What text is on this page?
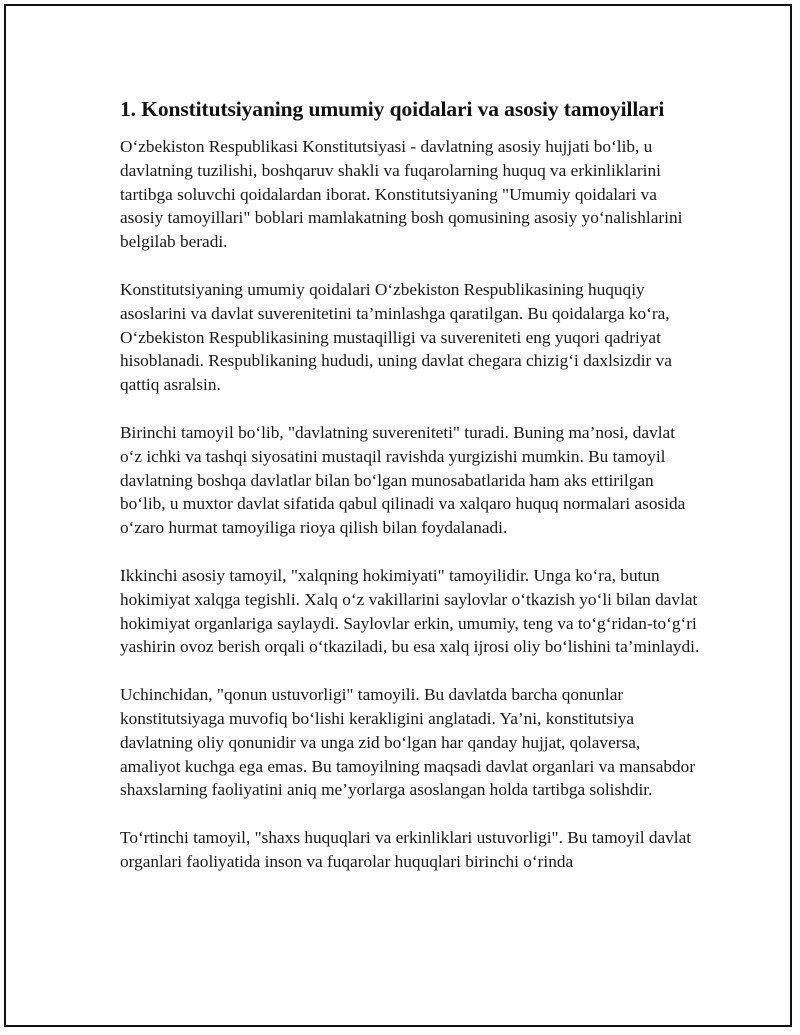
1. Konstitutsiyaning umumiy qoidalari va asosiy tamoyillari

O‘zbekiston Respublikasi Konstitutsiyasi - davlatning asosiy hujjati bo‘lib, u davlatning tuzilishi, boshqaruv shakli va fuqarolarning huquq va erkinliklarini tartibga soluvchi qoidalardan iborat. Konstitutsiyaning "Umumiy qoidalari va asosiy tamoyillari" boblari mamlakatning bosh qomusining asosiy yo‘nalishlarini belgilab beradi.

Konstitutsiyaning umumiy qoidalari O‘zbekiston Respublikasining huquqiy asoslarini va davlat suverenitetini ta’minlashga qaratilgan. Bu qoidalarga ko‘ra, O‘zbekiston Respublikasining mustaqilligi va suvereniteti eng yuqori qadriyat hisoblanadi. Respublikaning hududi, uning davlat chegara chizig‘i daxlsizdir va qattiq asralsin.

Birinchi tamoyil bo‘lib, "davlatning suvereniteti" turadi. Buning ma’nosi, davlat o‘z ichki va tashqi siyosatini mustaqil ravishda yurgizishi mumkin. Bu tamoyil davlatning boshqa davlatlar bilan bo‘lgan munosabatlarida ham aks ettirilgan bo‘lib, u muxtor davlat sifatida qabul qilinadi va xalqaro huquq normalari asosida o‘zaro hurmat tamoyiliga rioya qilish bilan foydalanadi.

Ikkinchi asosiy tamoyil, "xalqning hokimiyati" tamoyilidir. Unga ko‘ra, butun hokimiyat xalqga tegishli. Xalq o‘z vakillarini saylovlar o‘tkazish yo‘li bilan davlat hokimiyat organlariga saylaydi. Saylovlar erkin, umumiy, teng va to‘g‘ridan-to‘g‘ri yashirin ovoz berish orqali o‘tkaziladi, bu esa xalq ijrosi oliy bo‘lishini ta’minlaydi.

Uchinchidan, "qonun ustuvorligi" tamoyili. Bu davlatda barcha qonunlar konstitutsiyaga muvofiq bo‘lishi kerakligini anglatadi. Ya’ni, konstitutsiya davlatning oliy qonunidir va unga zid bo‘lgan har qanday hujjat, qolaversa, amaliyot kuchga ega emas. Bu tamoyilning maqsadi davlat organlari va mansabdor shaxslarning faoliyatini aniq me’yorlarga asoslangan holda tartibga solishdir.

To‘rtinchi tamoyil, "shaxs huquqlari va erkinliklari ustuvorligi". Bu tamoyil davlat organlari faoliyatida inson va fuqarolar huquqlari birinchi o‘rinda
